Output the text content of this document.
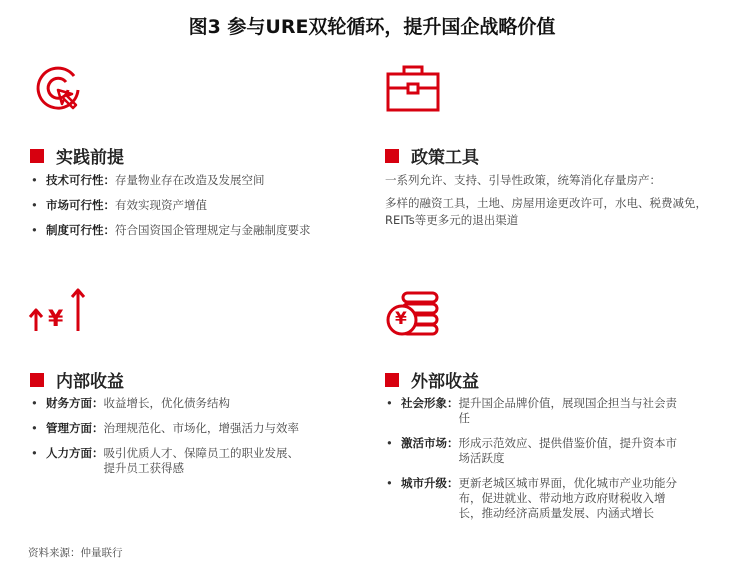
图3 参与URE双轮循环，提升国企战略价值
¥	¥
实践前提
• 技术可行性：存量物业存在改造及发展空间
• 市场可行性：有效实现资产增值
• 制度可行性：符合国资国企管理规定与金融制度要求
政策工具

一系列允许、支持、引导性政策，统筹消化存量房产：

多样的融资工具，土地、房屋用途更改许可，水电、税费减免，REITs等更多元的退出渠道

内部收益
• 财务方面： 收益增长，优化债务结构
• 管理方面： 治理规范化、市场化，增强活力与效率
• 人力方面： 吸引优质人才、保障员工的职业发展、提升员工获得感
外部收益
• 社会形象： 提升国企品牌价值，展现国企担当与社会责任
• 激活市场： 形成示范效应、提供借鉴价值，提升资本市场活跃度
• 城市升级： 更新老城区城市界面，优化城市产业功能分布，促进就业、带动地方政府财税收入增长，推动经济高质量发展、内涵式增长
资料来源：仲量联行
